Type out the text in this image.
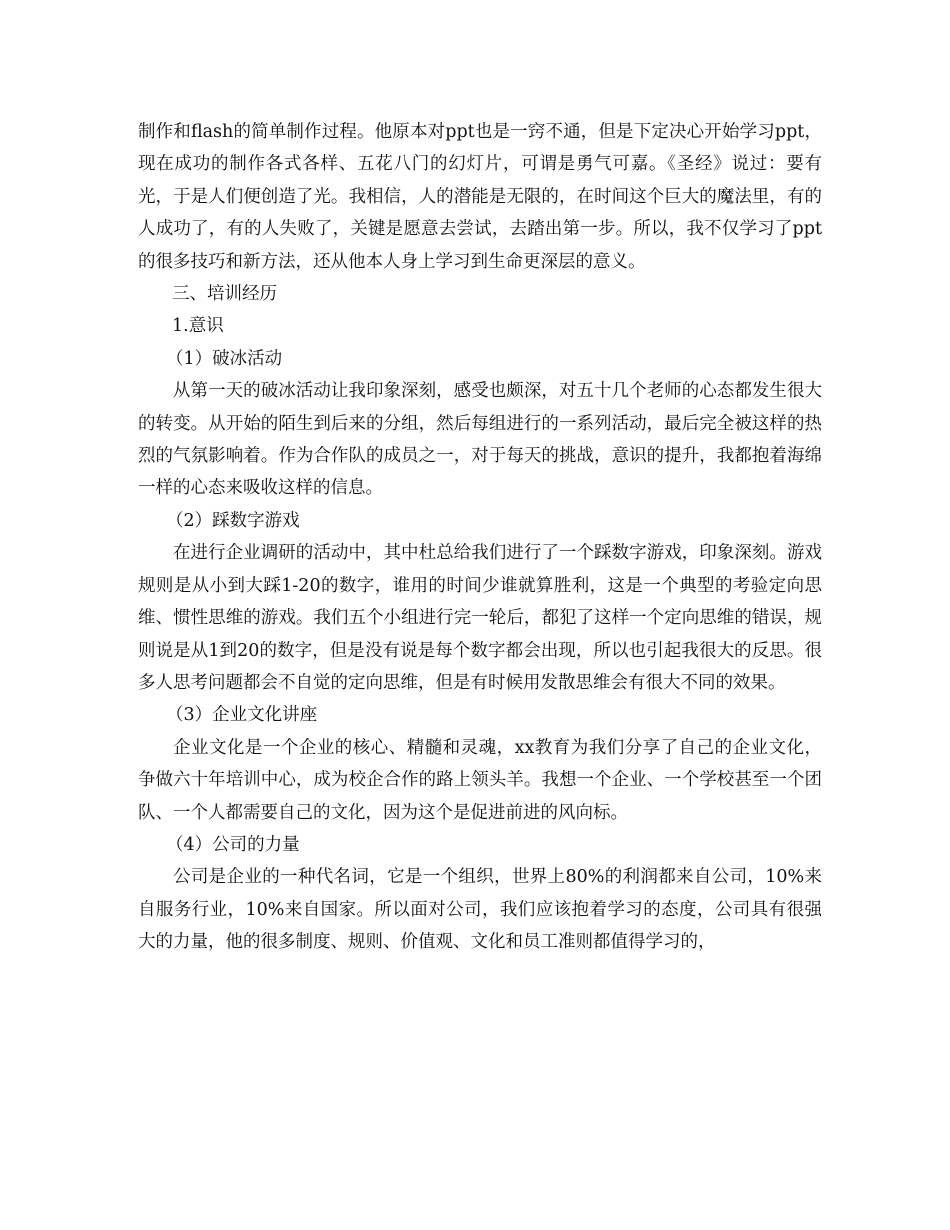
制作和flash的简单制作过程。他原本对ppt也是一窍不通，但是下定决心开始学习ppt，现在成功的制作各式各样、五花八门的幻灯片，可谓是勇气可嘉。《圣经》说过：要有光，于是人们便创造了光。我相信，人的潜能是无限的，在时间这个巨大的魔法里，有的人成功了，有的人失败了，关键是愿意去尝试，去踏出第一步。所以，我不仅学习了ppt的很多技巧和新方法，还从他本人身上学习到生命更深层的意义。

三、培训经历

1.意识

（1）破冰活动

从第一天的破冰活动让我印象深刻，感受也颇深，对五十几个老师的心态都发生很大的转变。从开始的陌生到后来的分组，然后每组进行的一系列活动，最后完全被这样的热烈的气氛影响着。作为合作队的成员之一，对于每天的挑战，意识的提升，我都抱着海绵一样的心态来吸收这样的信息。

（2）踩数字游戏

在进行企业调研的活动中，其中杜总给我们进行了一个踩数字游戏，印象深刻。游戏规则是从小到大踩1-20的数字，谁用的时间少谁就算胜利，这是一个典型的考验定向思维、惯性思维的游戏。我们五个小组进行完一轮后，都犯了这样一个定向思维的错误，规则说是从1到20的数字，但是没有说是每个数字都会出现，所以也引起我很大的反思。很多人思考问题都会不自觉的定向思维，但是有时候用发散思维会有很大不同的效果。

（3）企业文化讲座

企业文化是一个企业的核心、精髓和灵魂，xx教育为我们分享了自己的企业文化，争做六十年培训中心，成为校企合作的路上领头羊。我想一个企业、一个学校甚至一个团队、一个人都需要自己的文化，因为这个是促进前进的风向标。

（4）公司的力量

公司是企业的一种代名词，它是一个组织，世界上80%的利润都来自公司，10%来自服务行业，10%来自国家。所以面对公司，我们应该抱着学习的态度，公司具有很强大的力量，他的很多制度、规则、价值观、文化和员工准则都值得学习的，
